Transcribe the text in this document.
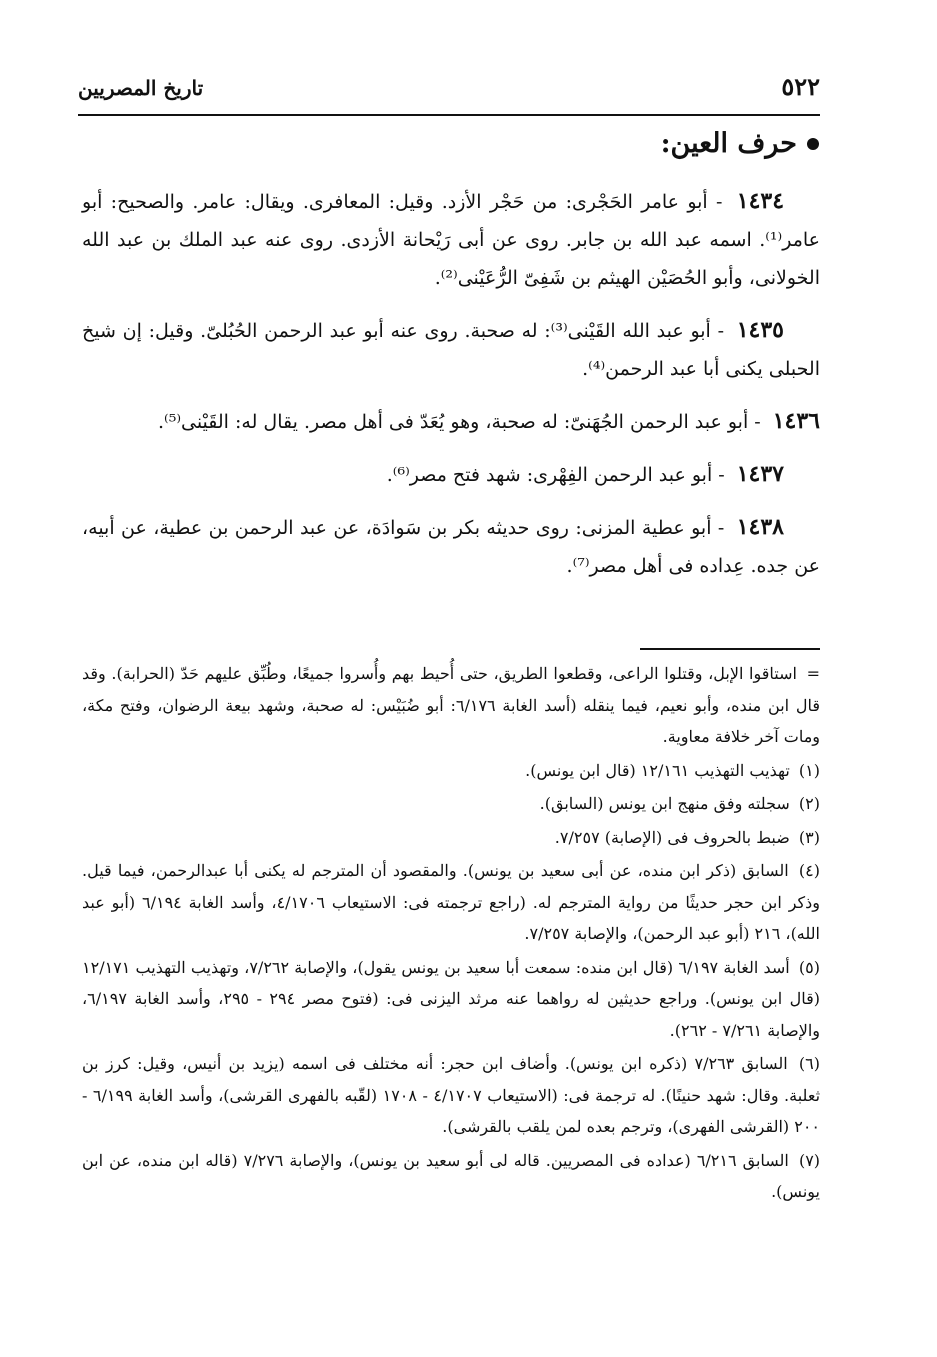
٥٢٢
تاريخ المصريين
حرف العين:
١٤٣٤ - أبو عامر الحَجْرى: من حَجْر الأزد. وقيل: المعافرى. ويقال: عامر. والصحيح: أبو عامر⁽¹⁾. اسمه عبد الله بن جابر. روى عن أبى رَيْحانة الأزدى. روى عنه عبد الملك بن عبد الله الخولانى، وأبو الحُصَيْن الهيثم بن شَفِىّ الرُّعَيْنى⁽²⁾.
١٤٣٥ - أبو عبد الله القَيْنى⁽³⁾: له صحبة. روى عنه أبو عبد الرحمن الحُبُلىّ. وقيل: إن شيخ الحبلى يكنى أبا عبد الرحمن⁽⁴⁾.
١٤٣٦ - أبو عبد الرحمن الجُهَنىّ: له صحبة، وهو يُعَدّ فى أهل مصر. يقال له: القَيْنى⁽⁵⁾.
١٤٣٧ - أبو عبد الرحمن الفِهْرى: شهد فتح مصر⁽⁶⁾.
١٤٣٨ - أبو عطية المزنى: روى حديثه بكر بن سَوادَة، عن عبد الرحمن بن عطية، عن أبيه، عن جده. عِداده فى أهل مصر⁽⁷⁾.
= استاقوا الإبل، وقتلوا الراعى، وقطعوا الطريق، حتى أُحيط بهم وأُسروا جميعًا، وطُبِّق عليهم حَدّ (الحرابة). وقد قال ابن منده، وأبو نعيم، فيما ينقله (أسد الغابة ٦/١٧٦: أبو ضُبَيْس: له صحبة، وشهد بيعة الرضوان، وفتح مكة، ومات آخر خلافة معاوية.
(١) تهذيب التهذيب ١٢/١٦١ (قال ابن يونس).
(٢) سجلته وفق منهج ابن يونس (السابق).
(٣) ضبط بالحروف فى (الإصابة) ٧/٢٥٧.
(٤) السابق (ذكر ابن منده، عن أبى سعيد بن يونس). والمقصود أن المترجم له يكنى أبا عبدالرحمن، فيما قيل. وذكر ابن حجر حديثًا من رواية المترجم له. (راجع ترجمته فى: الاستيعاب ٤/١٧٠٦، وأسد الغابة ٦/١٩٤ (أبو عبد الله)، ٢١٦ (أبو عبد الرحمن)، والإصابة ٧/٢٥٧.
(٥) أسد الغابة ٦/١٩٧ (قال ابن منده: سمعت أبا سعيد بن يونس يقول)، والإصابة ٧/٢٦٢، وتهذيب التهذيب ١٢/١٧١ (قال ابن يونس). وراجع حديثين له رواهما عنه مرثد اليزنى فى: (فتوح مصر ٢٩٤ - ٢٩٥، وأسد الغابة ٦/١٩٧، والإصابة ٧/٢٦١ - ٢٦٢).
(٦) السابق ٧/٢٦٣ (ذكره ابن يونس). وأضاف ابن حجر: أنه مختلف فى اسمه (يزيد بن أنيس، وقيل: كرز بن ثعلبة. وقال: شهد حنينًا). له ترجمة فى: (الاستيعاب ٤/١٧٠٧ - ١٧٠٨ (لقّبه بالفهرى القرشى)، وأسد الغابة ٦/١٩٩ - ٢٠٠ (القرشى الفهرى)، وترجم بعده لمن يلقب بالقرشى).
(٧) السابق ٦/٢١٦ (عداده فى المصريين. قاله لى أبو سعيد بن يونس)، والإصابة ٧/٢٧٦ (قاله ابن منده، عن ابن يونس).
